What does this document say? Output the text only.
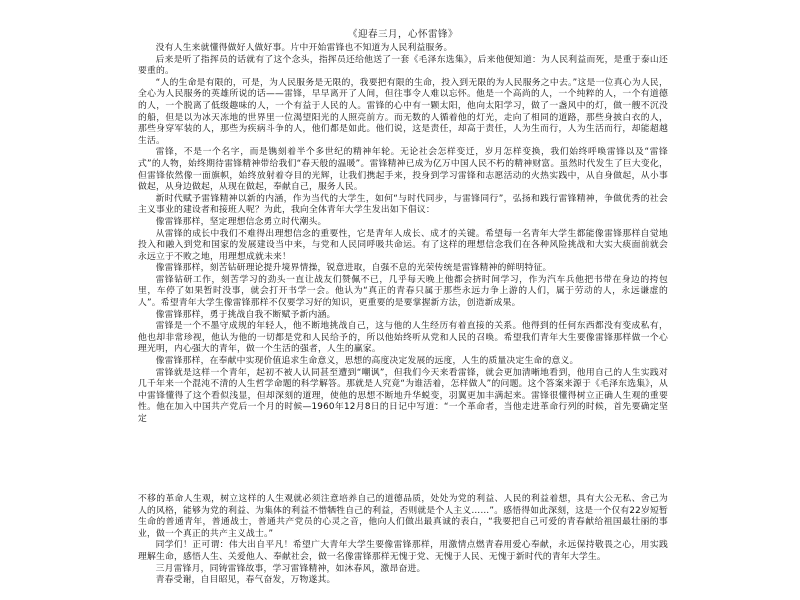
《迎春三月，心怀雷锋》

没有人生来就懂得做好人做好事。片中开始雷锋也不知道为人民利益服务。

后来是听了指挥员的话就有了这个念头，指挥员还给他送了一套《毛泽东选集》，后来他便知道：为人民利益而死，是重于泰山还要重的。

“人的生命是有限的，可是，为人民服务是无限的，我要把有限的生命，投入到无限的为人民服务之中去。”这是一位真心为人民，全心为人民服务的英雄所说的话——雷锋，早早离开了人间，但往事令人难以忘怀。他是一个高尚的人，一个纯粹的人，一个有道德的人，一个脱离了低级趣味的人，一个有益于人民的人。雷锋的心中有一颗太阳，他向太阳学习，做了一盏风中的灯，做一艘不沉没的船，但是以为冰天冻地的世界里一位渴望阳光的人照亮前方。而无数的人循着他的灯光，走向了相同的道路，那些身披白衣的人，那些身穿军装的人，那些为疾病斗争的人，他们都是如此。他们说，这是责任，却高于责任，人为生而行，人为生活而行，却能超越生活。

雷锋，不是一个名字，而是镌刻着半个多世纪的精神年轮。无论社会怎样变迁，岁月怎样变换，我们始终呼唤雷锋以及“雷锋式”的人物，始终期待雷锋精神带给我们“春天般的温暖”。雷锋精神已成为亿万中国人民不朽的精神财富。虽然时代发生了巨大变化，但雷锋依然像一面旗帜，始终放射着夺目的光辉，让我们携起手来，投身到学习雷锋和志愿活动的火热实践中，从自身做起，从小事做起，从身边做起，从现在做起，奉献自己，服务人民。

新时代赋予雷锋精神以新的内涵，作为当代的大学生，如何“与时代同步，与雷锋同行”，弘扬和践行雷锋精神，争做优秀的社会主义事业的建设者和接班人呢？为此，我向全体青年大学生发出如下倡议：

像雷锋那样，坚定理想信念勇立时代潮头。

从雷锋的成长中我们不难得出理想信念的重要性，它是青年人成长、成才的关键。希望每一名青年大学生都能像雷锋那样自觉地投入和融入到党和国家的发展建设当中来，与党和人民同呼吸共命运。有了这样的理想信念我们在各种风险挑战和大实大痰面前就会永远立于不败之地，用理想成就未来！

像雷锋那样，刻苦钻研理论提升境界情操，锐意进取，自强不息的光荣传统是雷锋精神的鲜明特征。

雷锋钻研工作，刻苦学习的劲头一直让战友们赞佩不已，几乎每天晚上他都会挤时间学习，作为汽车兵他把书带在身边的挎包里，车停了如果暂时没事，就会打开书学一会。他认为“真正的青春只属于那些永远力争上游的人们，属于劳动的人，永远谦虚的人”。希望青年大学生像雷锋那样不仅要学习好的知识，更重要的是要掌握新方法，创造新成果。

像雷锋那样，勇于挑战自我不断赋予新内涵。

雷锋是一个不墨守成规的年轻人，他不断地挑战自己，这与他的人生经历有着直接的关系。他得到的任何东西都没有变成私有，他也却非常珍视，他认为他的一切都是党和人民给予的，所以他始终听从党和人民的召唤。希望我们青年大生要像雷锋那样做一个心理光明，内心强大的青年，做一个生活的强者，人生的赢家。

像雷锋那样，在奉献中实现价值追求生命意义，思想的高度决定发展的远度，人生的质量决定生命的意义。

雷锋就是这样一个青年，起初不被人认同甚至遭到“嘲讽”，但我们今天来看雷锋，就会更加清晰地看到，他用自己的人生实践对几千年来一个混沌不清的人生哲学命题的科学解答。那就是人究竟“为谁活着，怎样做人”的问题。这个答案来源于《毛泽东选集》，从中雷锋懂得了这个看似浅显，但却深刻的道理，使他的思想不断地升华蜕变，羽翼更加丰满起来。雷锋很懂得树立正确人生观的重要性。他在加入中国共产党后一个月的时候—1960年12月8日的日记中写道：“一个革命者，当他走进革命行列的时候，首先要确定坚定

不移的革命人生观，树立这样的人生观就必须注意培养自己的道德品质，处处为党的利益、人民的利益着想，具有大公无私、舍己为人的风格，能够为党的利益、为集体的利益不惜牺牲自己的利益，否则就是个人主义……”。感悟得如此深刻，这是一个仅有22岁短暂生命的普通青年，普通战士，普通共产党员的心灵之音，他向人们做出最真诚的表白，“我要把自己可爱的青春献给祖国最壮丽的事业，做一个真正的共产主义战士。”

同学们！正可谓：伟大出自平凡！希望广大青年大学生要像雷锋那样，用激情点燃青春用爱心奉献，永远保持敬畏之心，用实践理解生命，感悟人生、关爱他人、奉献社会，做一名像雷锋那样无愧于党、无愧于人民、无愧于新时代的青年大学生。

三月雷锋月，同铸雷锋故事，学习雷锋精神，如沐春风，激昂奋进。

青春受谢，自目昭见，春气奋发，万物遂其。
